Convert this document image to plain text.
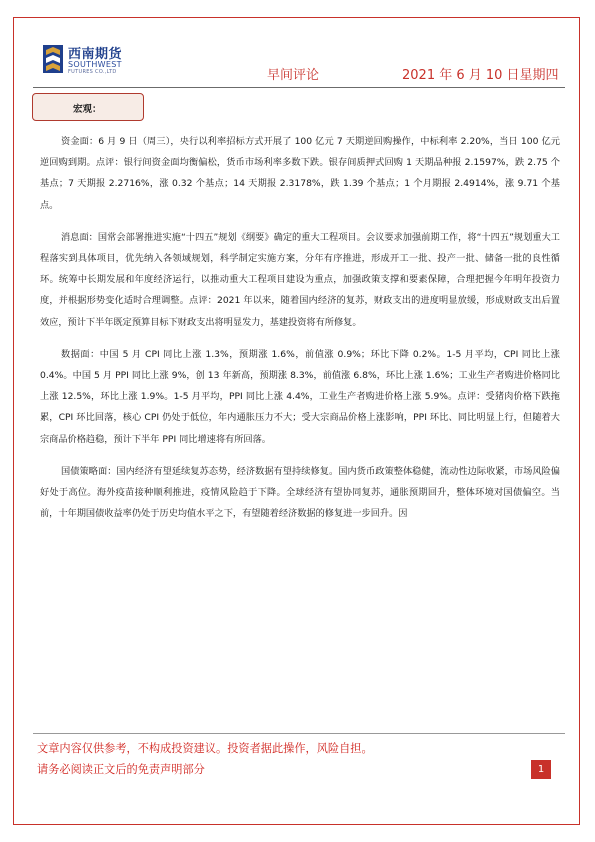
西南期货
SOUTHWEST
FUTURES CO.,LTD	早间评论	2021 年 6 月 10 日星期四
宏观：

资金面：6 月 9 日（周三），央行以利率招标方式开展了 100 亿元 7 天期逆回购操作，中标利率 2.20%，当日 100 亿元逆回购到期。点评：银行间资金面均衡偏松，货币市场利率多数下跌。银存间质押式回购 1 天期品种报 2.1597%，跌 2.75 个基点；7 天期报 2.2716%，涨 0.32 个基点；14 天期报 2.3178%，跌 1.39 个基点；1 个月期报 2.4914%，涨 9.71 个基点。

消息面：国常会部署推进实施“十四五”规划《纲要》确定的重大工程项目。会议要求加强前期工作，将“十四五”规划重大工程落实到具体项目，优先纳入各领域规划，科学制定实施方案，分年有序推进，形成开工一批、投产一批、储备一批的良性循环。统筹中长期发展和年度经济运行，以推动重大工程项目建设为重点，加强政策支撑和要素保障，合理把握今年明年投资力度，并根据形势变化适时合理调整。点评：2021 年以来，随着国内经济的复苏，财政支出的进度明显放缓，形成财政支出后置效应，预计下半年既定预算目标下财政支出将明显发力，基建投资将有所修复。

数据面：中国 5 月 CPI 同比上涨 1.3%，预期涨 1.6%，前值涨 0.9%；环比下降 0.2%。1-5 月平均，CPI 同比上涨 0.4%。中国 5 月 PPI 同比上涨 9%，创 13 年新高，预期涨 8.3%，前值涨 6.8%，环比上涨 1.6%；工业生产者购进价格同比上涨 12.5%，环比上涨 1.9%。1-5 月平均，PPI 同比上涨 4.4%，工业生产者购进价格上涨 5.9%。点评：受猪肉价格下跌拖累，CPI 环比回落，核心 CPI 仍处于低位，年内通胀压力不大；受大宗商品价格上涨影响，PPI 环比、同比明显上行，但随着大宗商品价格趋稳，预计下半年 PPI 同比增速将有所回落。

国债策略面：国内经济有望延续复苏态势，经济数据有望持续修复。国内货币政策整体稳健，流动性边际收紧，市场风险偏好处于高位。海外疫苗接种顺利推进，疫情风险趋于下降。全球经济有望协同复苏，通胀预期回升，整体环境对国债偏空。当前，十年期国债收益率仍处于历史均值水平之下，有望随着经济数据的修复进一步回升。因

文章内容仅供参考，不构成投资建议。投资者据此操作，风险自担。
请务必阅读正文后的免责声明部分	1
